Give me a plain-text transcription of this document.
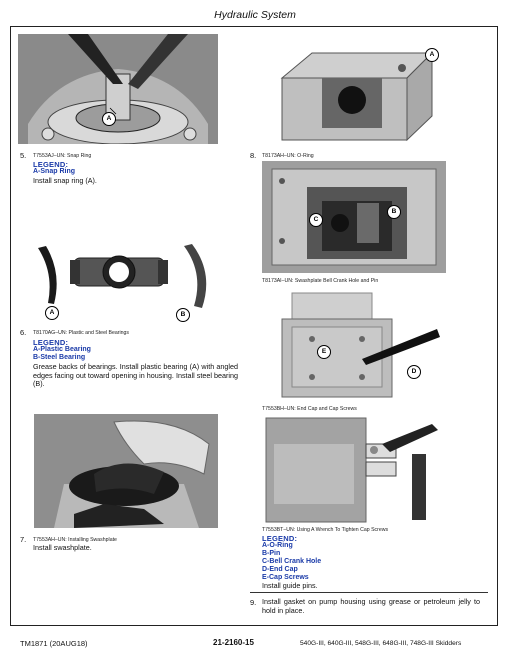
Hydraulic System
A
5. T7553AJ–UN: Snap Ring
LEGEND:
A-Snap Ring
Install snap ring (A).
A	B
6. T8170AG–UN: Plastic and Steel Bearings
LEGEND:
A-Plastic Bearing
B-Steel Bearing
Grease backs of bearings. Install plastic bearing (A) with angled edges facing out toward opening in housing. Install steel bearing (B).
7. T7553AH–UN: Installing Swashplate
Install swashplate.
A
8. T8173AH–UN: O-Ring
C
B
T8173AI–UN: Swashplate Bell Crank Hole and Pin
E
D
T7553BH–UN: End Cap and Cap Screws
T7553BT–UN: Using A Wrench To Tighten Cap Screws
LEGEND:
A-O-Ring
B-Pin
C-Bell Crank Hole
D-End Cap
E-Cap Screws
Install guide pins.
9. Install gasket on pump housing using grease or petroleum jelly to hold in place.
TM1871 (20AUG18)	21-2160-15	540G-III, 640G-III, 548G-III, 648G-III, 748G-III Skidders
